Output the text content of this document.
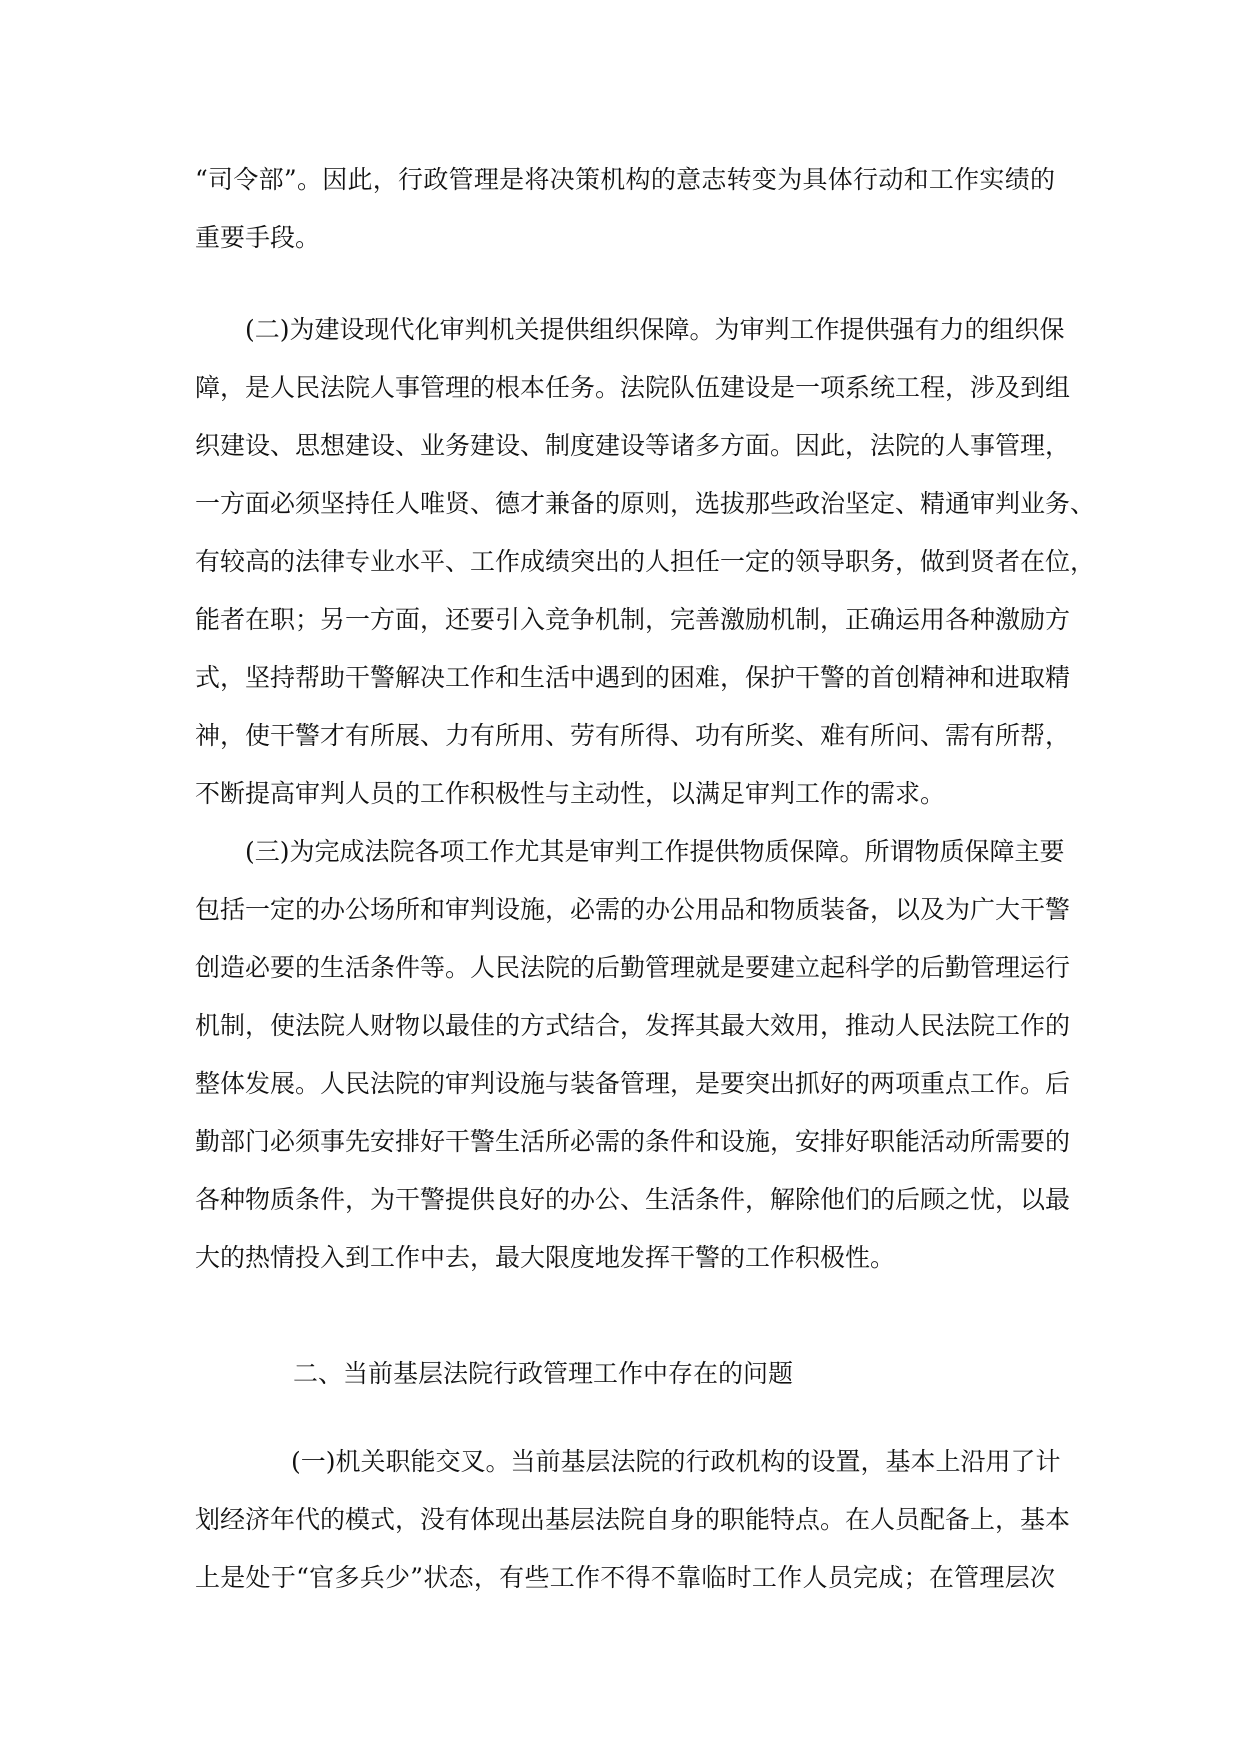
“司令部”。因此，行政管理是将决策机构的意志转变为具体行动和工作实绩的
重要手段。
(二)为建设现代化审判机关提供组织保障。为审判工作提供强有力的组织保
障，是人民法院人事管理的根本任务。法院队伍建设是一项系统工程，涉及到组
织建设、思想建设、业务建设、制度建设等诸多方面。因此，法院的人事管理，
一方面必须坚持任人唯贤、德才兼备的原则，选拔那些政治坚定、精通审判业务、
有较高的法律专业水平、工作成绩突出的人担任一定的领导职务，做到贤者在位，
能者在职；另一方面，还要引入竞争机制，完善激励机制，正确运用各种激励方
式，坚持帮助干警解决工作和生活中遇到的困难，保护干警的首创精神和进取精
神，使干警才有所展、力有所用、劳有所得、功有所奖、难有所问、需有所帮，
不断提高审判人员的工作积极性与主动性，以满足审判工作的需求。
(三)为完成法院各项工作尤其是审判工作提供物质保障。所谓物质保障主要
包括一定的办公场所和审判设施，必需的办公用品和物质装备，以及为广大干警
创造必要的生活条件等。人民法院的后勤管理就是要建立起科学的后勤管理运行
机制，使法院人财物以最佳的方式结合，发挥其最大效用，推动人民法院工作的
整体发展。人民法院的审判设施与装备管理，是要突出抓好的两项重点工作。后
勤部门必须事先安排好干警生活所必需的条件和设施，安排好职能活动所需要的
各种物质条件，为干警提供良好的办公、生活条件，解除他们的后顾之忧，以最
大的热情投入到工作中去，最大限度地发挥干警的工作积极性。
二、当前基层法院行政管理工作中存在的问题
(一)机关职能交叉。当前基层法院的行政机构的设置，基本上沿用了计
划经济年代的模式，没有体现出基层法院自身的职能特点。在人员配备上，基本
上是处于“官多兵少”状态，有些工作不得不靠临时工作人员完成；在管理层次
